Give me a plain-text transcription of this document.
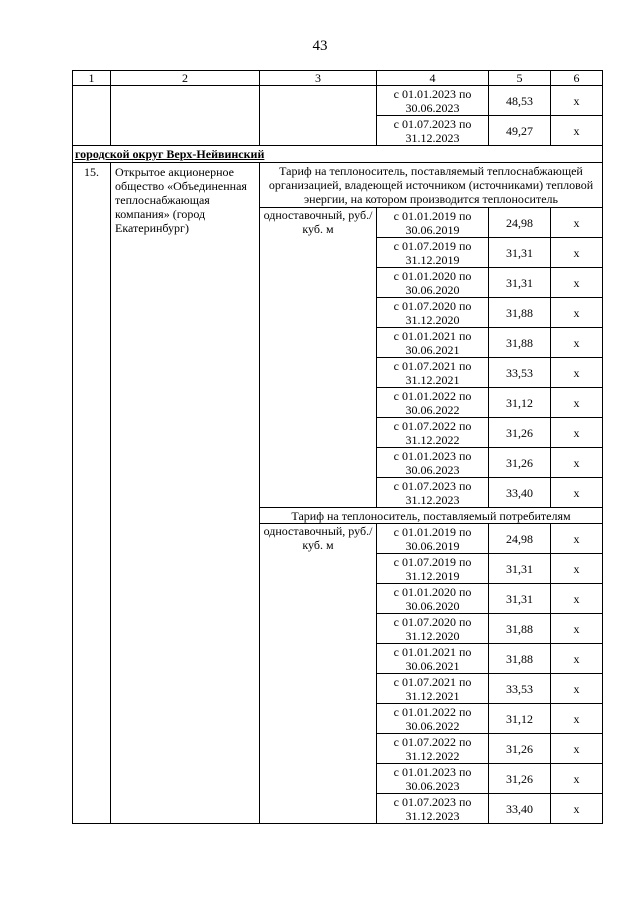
43
1	2	3	4	5	6
			с 01.01.2023 по 30.06.2023	48,53	х
			с 01.07.2023 по 31.12.2023	49,27	х
городской округ Верх-Нейвинский					
15.	Открытое акционерное общество «Объединенная теплоснабжающая компания» (город Екатеринбург)	Тариф на теплоноситель, поставляемый теплоснабжающей организацией, владеющей источником (источниками) тепловой энергии, на котором производится теплоноситель			
		одноставочный, руб./куб. м	с 01.01.2019 по 30.06.2019	24,98	х
			с 01.07.2019 по 31.12.2019	31,31	х
			с 01.01.2020 по 30.06.2020	31,31	х
			с 01.07.2020 по 31.12.2020	31,88	х
			с 01.01.2021 по 30.06.2021	31,88	х
			с 01.07.2021 по 31.12.2021	33,53	х
			с 01.01.2022 по 30.06.2022	31,12	х
			с 01.07.2022 по 31.12.2022	31,26	х
			с 01.01.2023 по 30.06.2023	31,26	х
			с 01.07.2023 по 31.12.2023	33,40	х
		Тариф на теплоноситель, поставляемый потребителям			
		одноставочный, руб./куб. м	с 01.01.2019 по 30.06.2019	24,98	х
			с 01.07.2019 по 31.12.2019	31,31	х
			с 01.01.2020 по 30.06.2020	31,31	х
			с 01.07.2020 по 31.12.2020	31,88	х
			с 01.01.2021 по 30.06.2021	31,88	х
			с 01.07.2021 по 31.12.2021	33,53	х
			с 01.01.2022 по 30.06.2022	31,12	х
			с 01.07.2022 по 31.12.2022	31,26	х
			с 01.01.2023 по 30.06.2023	31,26	х
			с 01.07.2023 по 31.12.2023	33,40	х
